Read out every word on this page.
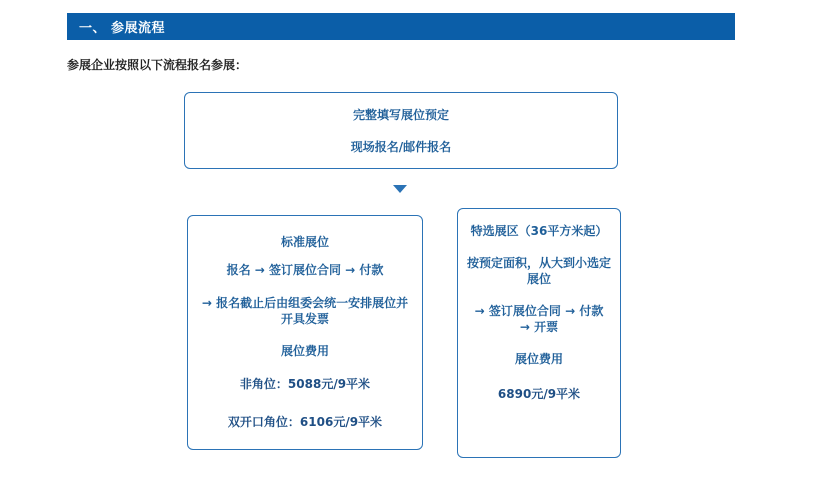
一、 参展流程
参展企业按照以下流程报名参展：
完整填写展位预定
现场报名/邮件报名
标准展位
报名 → 签订展位合同 → 付款
→ 报名截止后由组委会统一安排展位并
开具发票
展位费用
非角位：5088元/9平米
双开口角位：6106元/9平米
特选展区（36平方米起）
按预定面积，从大到小选定
展位
→ 签订展位合同 → 付款
→ 开票
展位费用
6890元/9平米
